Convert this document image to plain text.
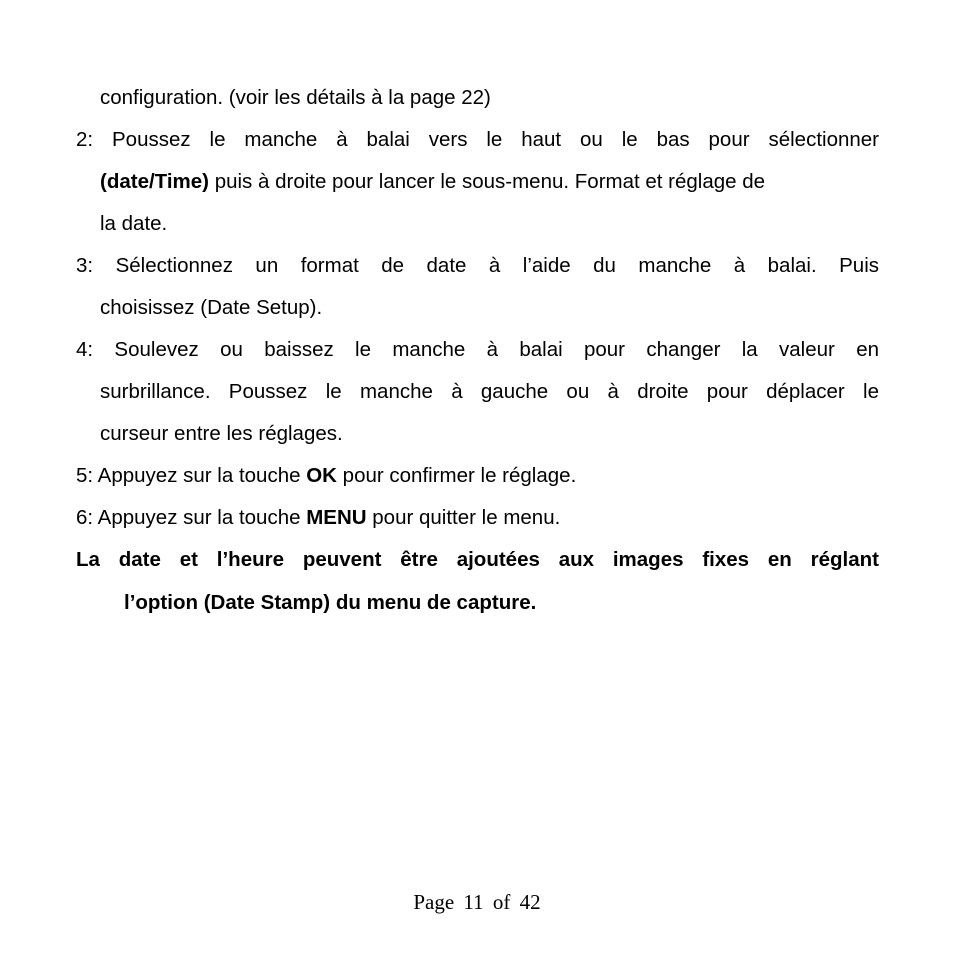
configuration. (voir les détails à la page 22)
2: Poussez le manche à balai vers le haut ou le bas pour sélectionner
(date/Time) puis à droite pour lancer le sous-menu. Format et réglage de
la date.
3: Sélectionnez un format de date à l’aide du manche à balai. Puis
choisissez (Date Setup).
4: Soulevez ou baissez le manche à balai pour changer la valeur en
surbrillance. Poussez le manche à gauche ou à droite pour déplacer le
curseur entre les réglages.
5: Appuyez sur la touche OK pour confirmer le réglage.
6: Appuyez sur la touche MENU pour quitter le menu.
La date et l’heure peuvent être ajoutées aux images fixes en réglant
l’option (Date Stamp) du menu de capture.
Page 11 of 42
